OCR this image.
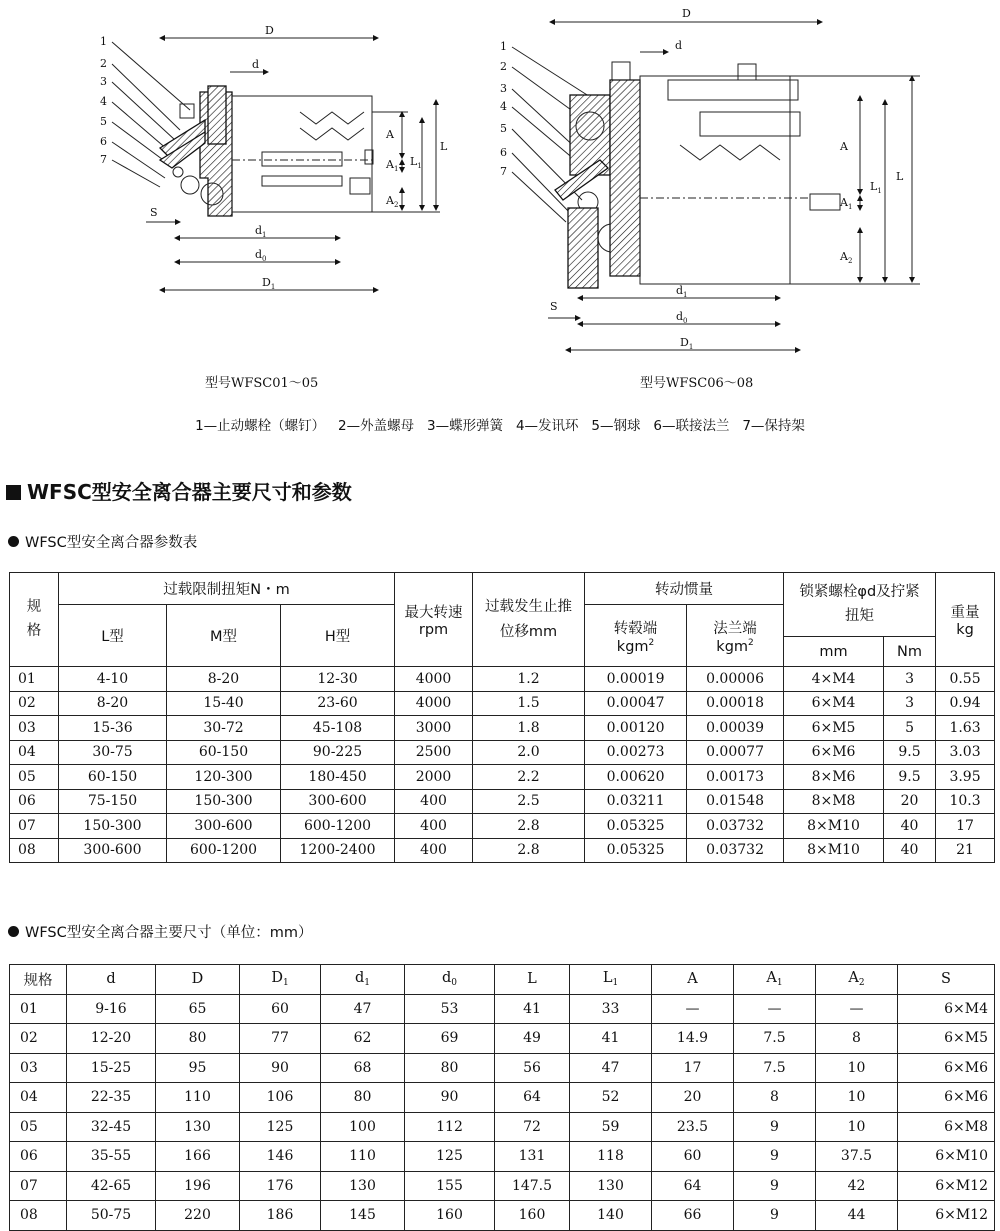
1
2
3
4
5
6
7
D
d
A
$A_1$
$A_2$
$L_1$
L
S
$d_1$
$d_0$
$D_1$
1
2
3
4
5
6
7
D
d
A
$A_1$
$A_2$
$L_1$
L
S
$d_1$
$d_0$
$D_1$
型号WFSC01～05	型号WFSC06～08
1—止动螺栓（螺钉）   2—外盖螺母   3—蝶形弹簧   4—发讯环   5—钢球   6—联接法兰   7—保持架
WFSC型安全离合器主要尺寸和参数
WFSC型安全离合器参数表
规格	过载限制扭矩N・m			最大转速
rpm	过载发生止推位移mm	转动惯量		锁紧螺栓φd及拧紧扭矩		重量
kg
	L型	M型	H型			转毂端
kgm$^2$	法兰端
kgm$^2$
								mm	Nm	
01	4-10	8-20	12-30	4000	1.2	0.00019	0.00006	4×M4	3	0.55
02	8-20	15-40	23-60	4000	1.5	0.00047	0.00018	6×M4	3	0.94
03	15-36	30-72	45-108	3000	1.8	0.00120	0.00039	6×M5	5	1.63
04	30-75	60-150	90-225	2500	2.0	0.00273	0.00077	6×M6	9.5	3.03
05	60-150	120-300	180-450	2000	2.2	0.00620	0.00173	8×M6	9.5	3.95
06	75-150	150-300	300-600	400	2.5	0.03211	0.01548	8×M8	20	10.3
07	150-300	300-600	600-1200	400	2.8	0.05325	0.03732	8×M10	40	17
08	300-600	600-1200	1200-2400	400	2.8	0.05325	0.03732	8×M10	40	21
WFSC型安全离合器主要尺寸（单位：mm）
规格	d	D	$D_1$	$d_1$	$d_0$	L	$L_1$	A	$A_1$	$A_2$	S
01	9-16	65	60	47	53	41	33	—	—	—	6×M4
02	12-20	80	77	62	69	49	41	14.9	7.5	8	6×M5
03	15-25	95	90	68	80	56	47	17	7.5	10	6×M6
04	22-35	110	106	80	90	64	52	20	8	10	6×M6
05	32-45	130	125	100	112	72	59	23.5	9	10	6×M8
06	35-55	166	146	110	125	131	118	60	9	37.5	6×M10
07	42-65	196	176	130	155	147.5	130	64	9	42	6×M12
08	50-75	220	186	145	160	160	140	66	9	44	6×M12
